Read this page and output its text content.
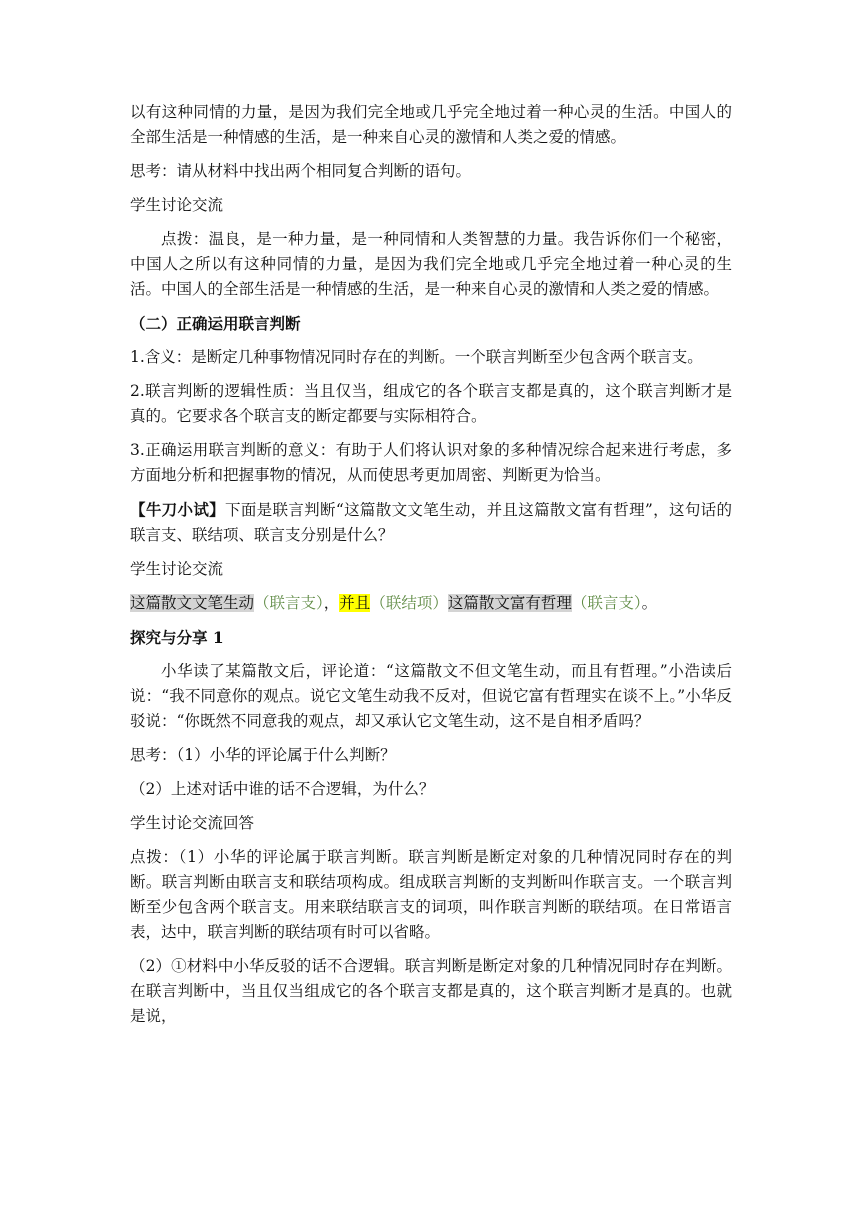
以有这种同情的力量，是因为我们完全地或几乎完全地过着一种心灵的生活。中国人的全部生活是一种情感的生活，是一种来自心灵的激情和人类之爱的情感。

思考：请从材料中找出两个相同复合判断的语句。

学生讨论交流

点拨：温良，是一种力量，是一种同情和人类智慧的力量。我告诉你们一个秘密，中国人之所以有这种同情的力量，是因为我们完全地或几乎完全地过着一种心灵的生活。中国人的全部生活是一种情感的生活，是一种来自心灵的激情和人类之爱的情感。

（二）正确运用联言判断

1.含义：是断定几种事物情况同时存在的判断。一个联言判断至少包含两个联言支。

2.联言判断的逻辑性质：当且仅当，组成它的各个联言支都是真的，这个联言判断才是真的。它要求各个联言支的断定都要与实际相符合。

3.正确运用联言判断的意义：有助于人们将认识对象的多种情况综合起来进行考虑，多方面地分析和把握事物的情况，从而使思考更加周密、判断更为恰当。

【牛刀小试】下面是联言判断“这篇散文文笔生动，并且这篇散文富有哲理”，这句话的联言支、联结项、联言支分别是什么？

学生讨论交流

这篇散文文笔生动（联言支），并且（联结项）这篇散文富有哲理（联言支）。

探究与分享 1

小华读了某篇散文后，评论道：“这篇散文不但文笔生动，而且有哲理。”小浩读后说：“我不同意你的观点。说它文笔生动我不反对，但说它富有哲理实在谈不上。”小华反驳说：“你既然不同意我的观点，却又承认它文笔生动，这不是自相矛盾吗？

思考：（1）小华的评论属于什么判断？

（2）上述对话中谁的话不合逻辑，为什么？

学生讨论交流回答

点拨：（1）小华的评论属于联言判断。联言判断是断定对象的几种情况同时存在的判断。联言判断由联言支和联结项构成。组成联言判断的支判断叫作联言支。一个联言判断至少包含两个联言支。用来联结联言支的词项，叫作联言判断的联结项。在日常语言表，达中，联言判断的联结项有时可以省略。

（2）①材料中小华反驳的话不合逻辑。联言判断是断定对象的几种情况同时存在判断。在联言判断中，当且仅当组成它的各个联言支都是真的，这个联言判断才是真的。也就是说，
